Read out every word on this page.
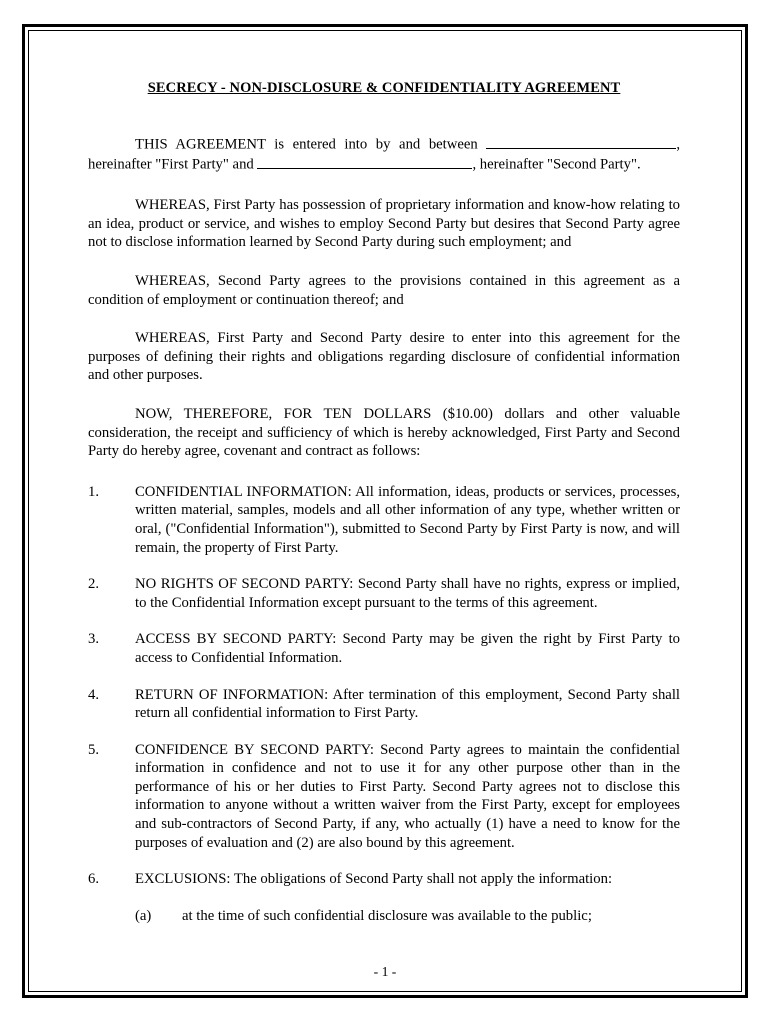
SECRECY - NON-DISCLOSURE & CONFIDENTIALITY AGREEMENT

THIS AGREEMENT is entered into by and between	, hereinafter "First Party" and	, hereinafter "Second Party".

WHEREAS, First Party has possession of proprietary information and know-how relating to an idea, product or service, and wishes to employ Second Party but desires that Second Party agree not to disclose information learned by Second Party during such employment; and

WHEREAS, Second Party agrees to the provisions contained in this agreement as a condition of employment or continuation thereof; and

WHEREAS, First Party and Second Party desire to enter into this agreement for the purposes of defining their rights and obligations regarding disclosure of confidential information and other purposes.

NOW, THEREFORE, FOR TEN DOLLARS ($10.00) dollars and other valuable consideration, the receipt and sufficiency of which is hereby acknowledged, First Party and Second Party do hereby agree, covenant and contract as follows:

1.	CONFIDENTIAL INFORMATION: All information, ideas, products or services, processes, written material, samples, models and all other information of any type, whether written or oral, ("Confidential Information"), submitted to Second Party by First Party is now, and will remain, the property of First Party.
2.	NO RIGHTS OF SECOND PARTY: Second Party shall have no rights, express or implied, to the Confidential Information except pursuant to the terms of this agreement.
3.	ACCESS BY SECOND PARTY: Second Party may be given the right by First Party to access to Confidential Information.
4.	RETURN OF INFORMATION: After termination of this employment, Second Party shall return all confidential information to First Party.
5.	CONFIDENCE BY SECOND PARTY: Second Party agrees to maintain the confidential information in confidence and not to use it for any other purpose other than in the performance of his or her duties to First Party. Second Party agrees not to disclose this information to anyone without a written waiver from the First Party, except for employees and sub-contractors of Second Party, if any, who actually (1) have a need to know for the purposes of evaluation and (2) are also bound by this agreement.
6.	EXCLUSIONS: The obligations of Second Party shall not apply the information:
(a)	at the time of such confidential disclosure was available to the public;
- 1 -
